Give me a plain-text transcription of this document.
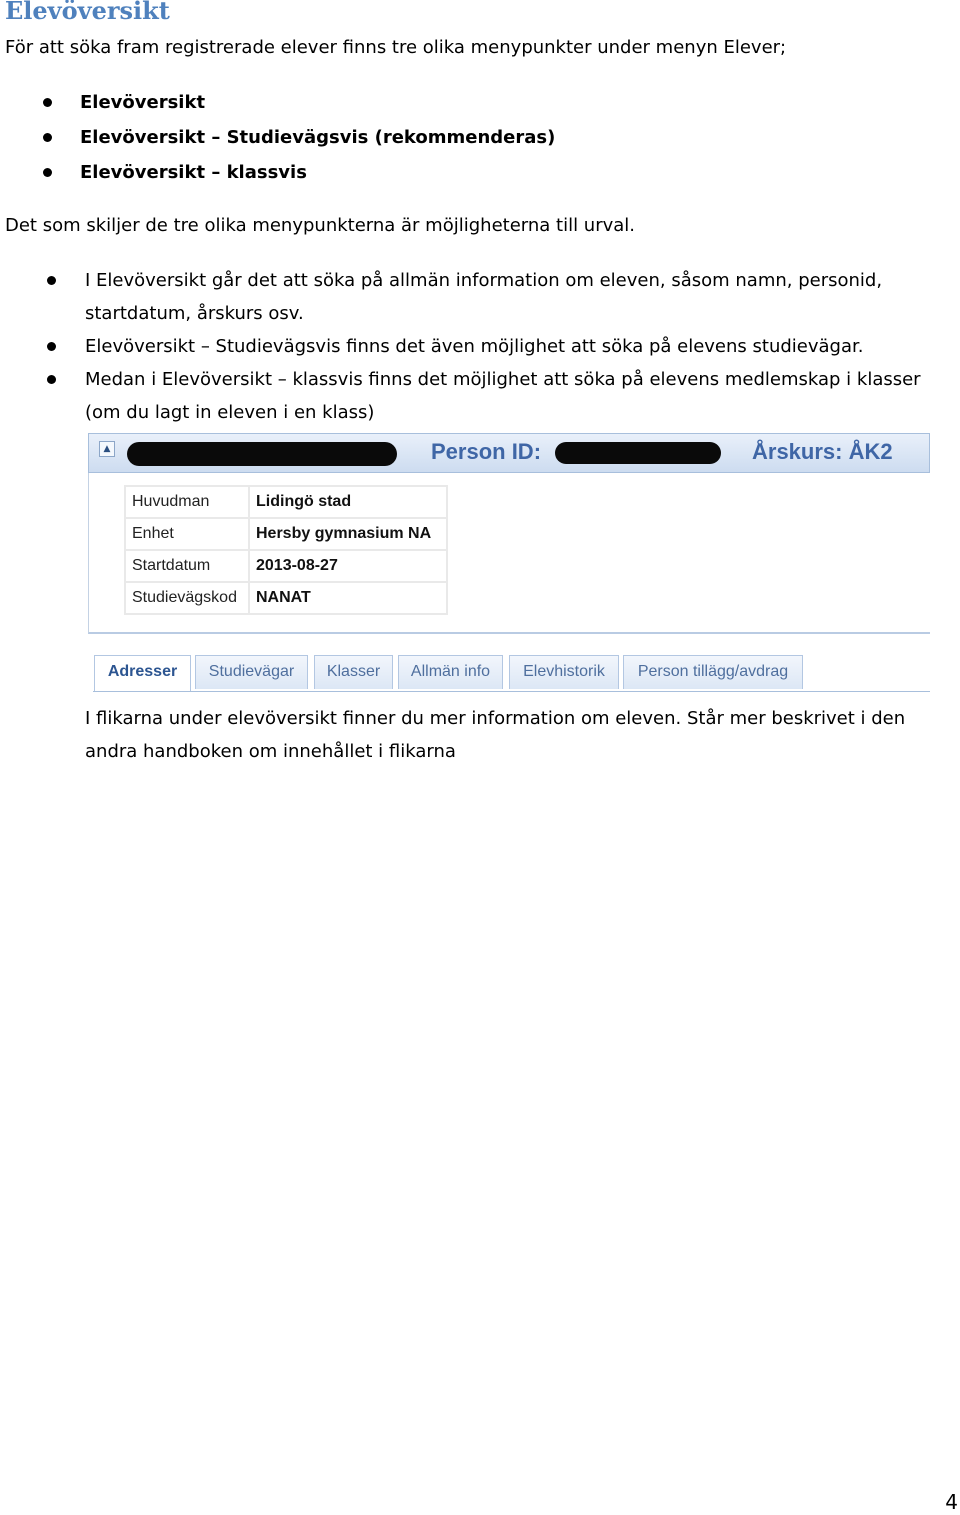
Elevöversikt

För att söka fram registrerade elever finns tre olika menypunkter under menyn Elever;

Elevöversikt
Elevöversikt – Studievägsvis (rekommenderas)
Elevöversikt – klassvis

Det som skiljer de tre olika menypunkterna är möjligheterna till urval.

I Elevöversikt går det att söka på allmän information om eleven, såsom namn, personid,
startdatum, årskurs osv.
Elevöversikt – Studievägsvis finns det även möjlighet att söka på elevens studievägar.
Medan i Elevöversikt – klassvis finns det möjlighet att söka på elevens medlemskap i klasser
(om du lagt in eleven i en klass)
▲	Person ID:	Årskurs: ÅK2
Huvudman	Lidingö stad
Enhet	Hersby gymnasium NA
Startdatum	2013-08-27
Studievägskod	NANAT
Adresser	Studievägar	Klasser	Allmän info	Elevhistorik	Person tillägg/avdrag

I flikarna under elevöversikt finner du mer information om eleven. Står mer beskrivet i den
andra handboken om innehållet i flikarna

4
